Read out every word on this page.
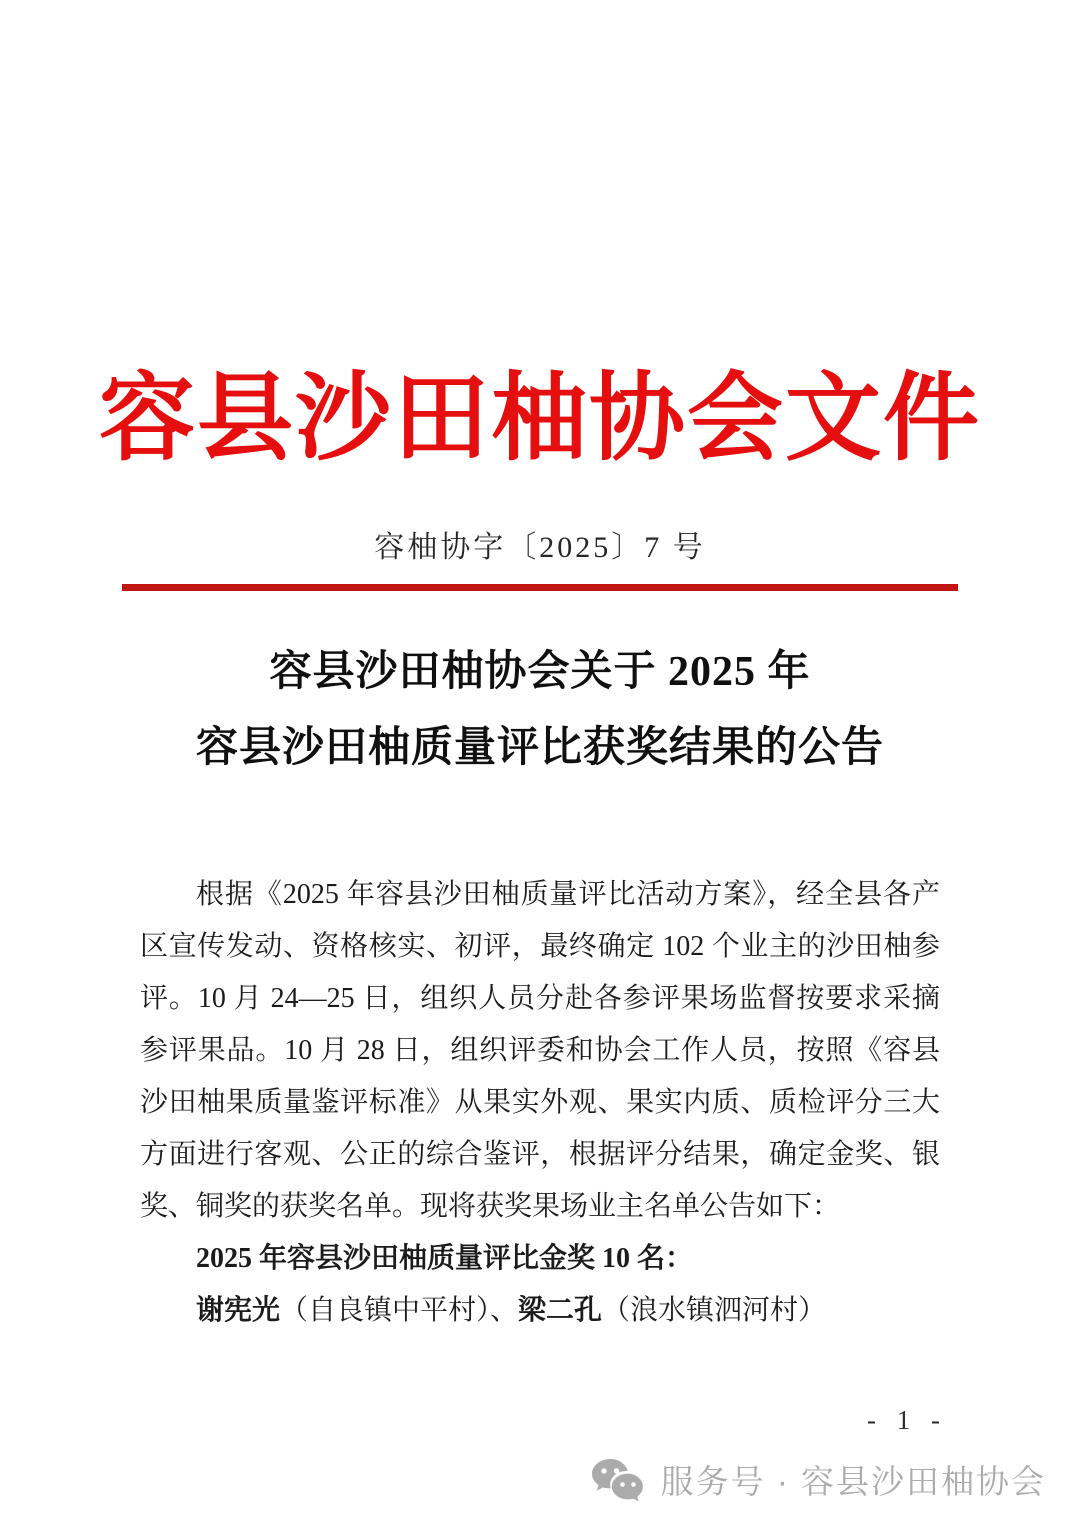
容县沙田柚协会文件
容柚协字〔2025〕7 号
容县沙田柚协会关于 2025 年
容县沙田柚质量评比获奖结果的公告

根据《2025 年容县沙田柚质量评比活动方案》，经全县各产

区宣传发动、资格核实、初评，最终确定 102 个业主的沙田柚参

评。10 月 24—25 日，组织人员分赴各参评果场监督按要求采摘

参评果品。10 月 28 日，组织评委和协会工作人员，按照《容县

沙田柚果质量鉴评标准》从果实外观、果实内质、质检评分三大

方面进行客观、公正的综合鉴评，根据评分结果，确定金奖、银

奖、铜奖的获奖名单。现将获奖果场业主名单公告如下：

2025 年容县沙田柚质量评比金奖 10 名：

谢宪光（自良镇中平村）、梁二孔（浪水镇泗河村）

- 1 -
服务号 · 容县沙田柚协会
